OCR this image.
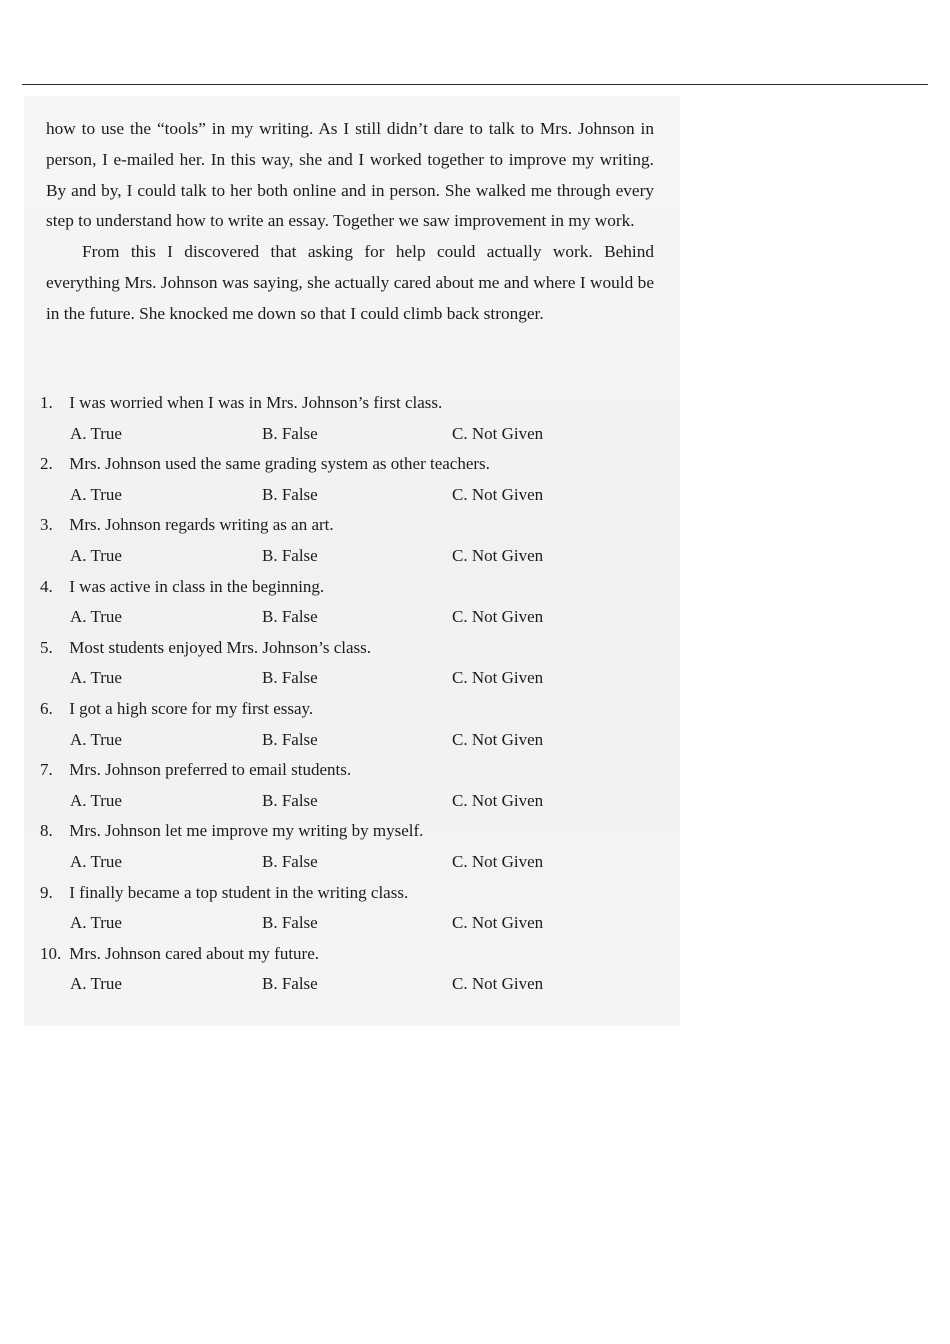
how to use the “tools” in my writing. As I still didn’t dare to talk to Mrs. Johnson in person, I e-mailed her. In this way, she and I worked together to improve my writing. By and by, I could talk to her both online and in person. She walked me through every step to understand how to write an essay. Together we saw improvement in my work.

From this I discovered that asking for help could actually work. Behind everything Mrs. Johnson was saying, she actually cared about me and where I would be in the future. She knocked me down so that I could climb back stronger.

1. I was worried when I was in Mrs. Johnson’s first class.
A. True	B. False	C. Not Given
2. Mrs. Johnson used the same grading system as other teachers.
A. True	B. False	C. Not Given
3. Mrs. Johnson regards writing as an art.
A. True	B. False	C. Not Given
4. I was active in class in the beginning.
A. True	B. False	C. Not Given
5. Most students enjoyed Mrs. Johnson’s class.
A. True	B. False	C. Not Given
6. I got a high score for my first essay.
A. True	B. False	C. Not Given
7. Mrs. Johnson preferred to email students.
A. True	B. False	C. Not Given
8. Mrs. Johnson let me improve my writing by myself.
A. True	B. False	C. Not Given
9. I finally became a top student in the writing class.
A. True	B. False	C. Not Given
10. Mrs. Johnson cared about my future.
A. True	B. False	C. Not Given
